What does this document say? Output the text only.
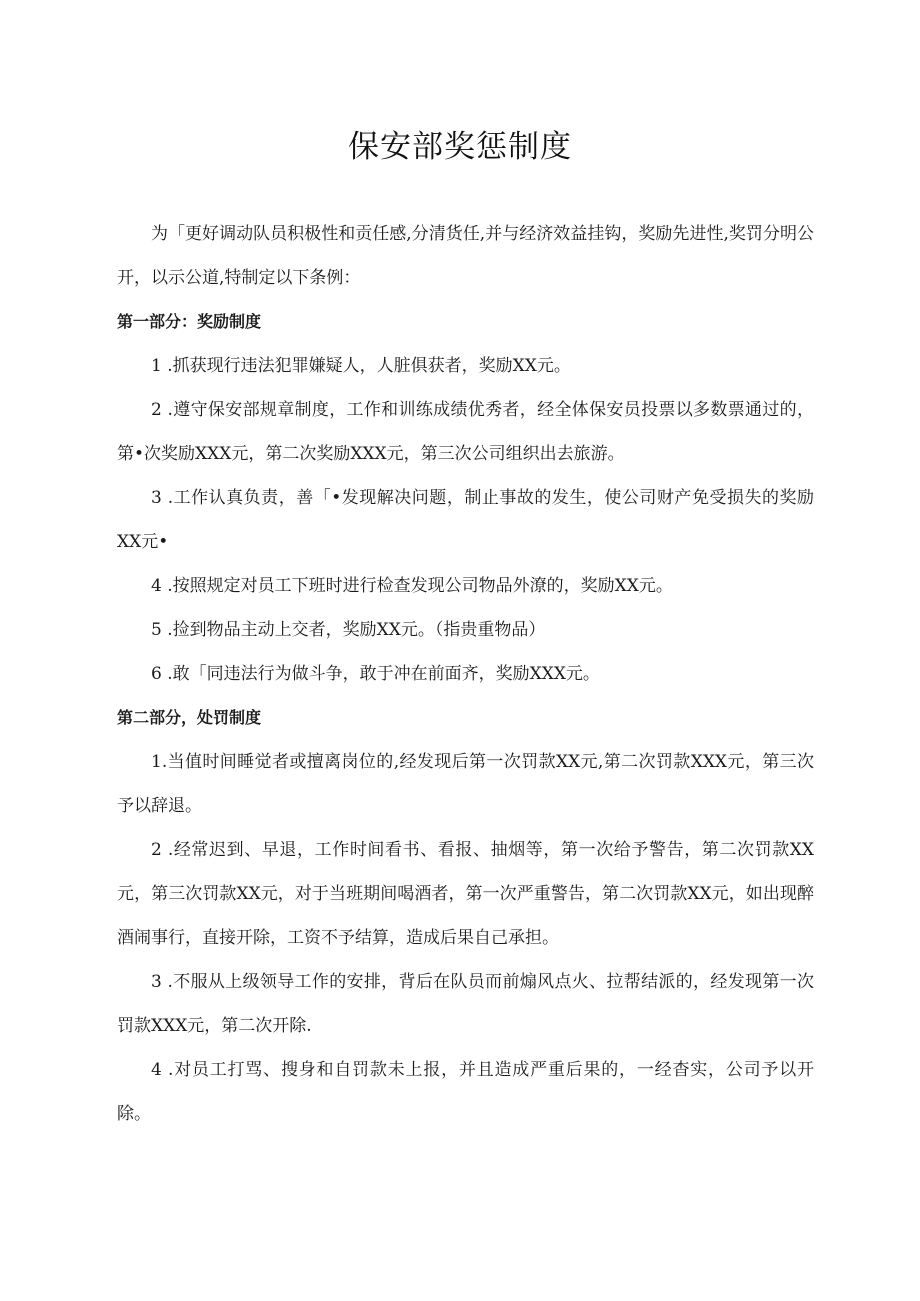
保安部奖惩制度

为「更好调动队员积极性和贡任感,分清货任,并与经济效益挂钩，奖励先进性,奖罚分明公开，以示公道,特制定以下条例：

第一部分：奖励制度

1 .抓获现行违法犯罪嫌疑人，人脏俱获者，奖励XX元。

2 .遵守保安部规章制度，工作和训练成绩优秀者，经全体保安员投票以多数票通过的，第•次奖励XXX元，第二次奖励XXX元，第三次公司组织出去旅游。

3 .工作认真负责，善「•发现解决问题，制止事故的发生，使公司财产免受损失的奖励XX元•

4 .按照规定对员工下班时进行检查发现公司物品外潦的，奖励XX元。

5 .捡到物品主动上交者，奖励XX元。（指贵重物品）

6 .敢「同违法行为做斗争，敢于冲在前面齐，奖励XXX元。

第二部分，处罚制度

1.当值时间睡觉者或擅离岗位的,经发现后第一次罚款XX元,第二次罚款XXX元，第三次予以辞退。

2 .经常迟到、早退，工作时间看书、看报、抽烟等，第一次给予警告，第二次罚款XX元，第三次罚款XX元，对于当班期间喝酒者，第一次严重警告，第二次罚款XX元，如出现醉酒闹事行，直接开除，工资不予结算，造成后果自己承担。

3 .不服从上级领导工作的安排，背后在队员而前煽风点火、拉帮结派的，经发现第一次罚款XXX元，第二次开除.

4 .对员工打骂、搜身和自罚款未上报，并且造成严重后果的，一经杳实，公司予以开除。
